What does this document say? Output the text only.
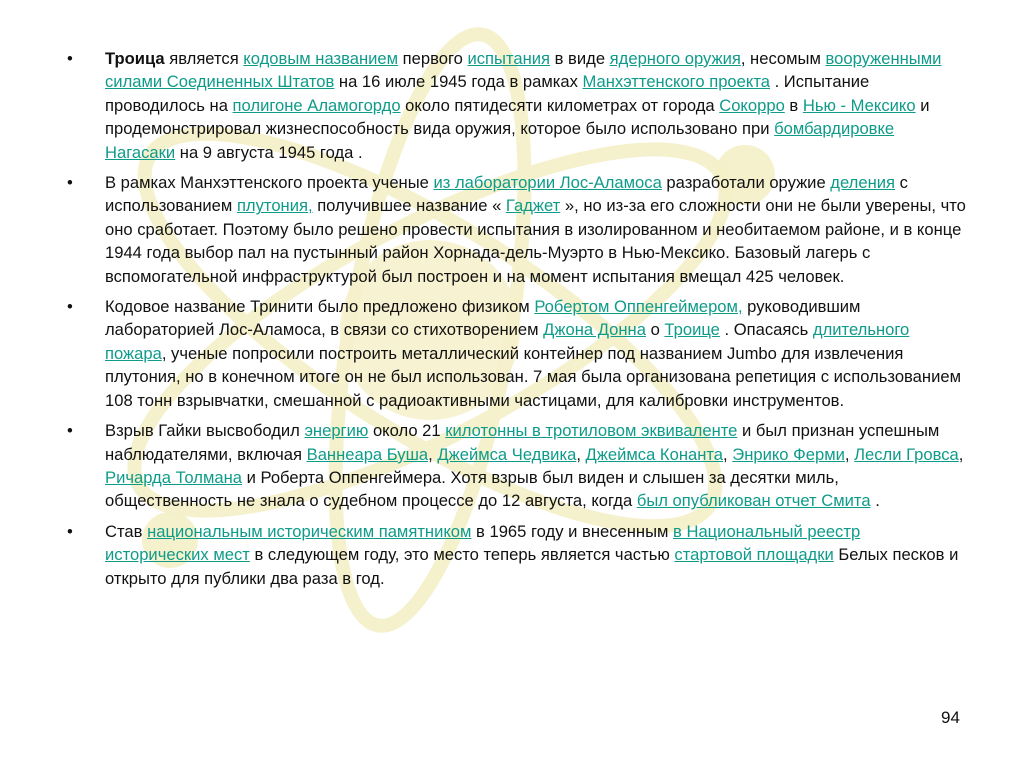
• Троица является кодовым названием первого испытания в виде ядерного оружия, несомым вооруженными силами Соединенных Штатов на 16 июле 1945 года в рамках Манхэттенского проекта . Испытание проводилось на полигоне Аламогордо около пятидесяти километрах от города Сокорро в Нью - Мексико и продемонстрировал жизнеспособность вида оружия, которое было использовано при бомбардировке Нагасаки на 9 августа 1945 года .
• В рамках Манхэттенского проекта ученые из лаборатории Лос-Аламоса разработали оружие деления с использованием плутония, получившее название « Гаджет », но из-за его сложности они не были уверены, что оно сработает. Поэтому было решено провести испытания в изолированном и необитаемом районе, и в конце 1944 года выбор пал на пустынный район Хорнада-дель-Муэрто в Нью-Мексико. Базовый лагерь с вспомогательной инфраструктурой был построен и на момент испытания вмещал 425 человек.
• Кодовое название Тринити было предложено физиком Робертом Оппенгеймером, руководившим лабораторией Лос-Аламоса, в связи со стихотворением Джона Донна о Троице . Опасаясь длительного пожара, ученые попросили построить металлический контейнер под названием Jumbo для извлечения плутония, но в конечном итоге он не был использован. 7 мая была организована репетиция с использованием 108 тонн взрывчатки, смешанной с радиоактивными частицами, для калибровки инструментов.
• Взрыв Гайки высвободил энергию около 21 килотонны в тротиловом эквиваленте и был признан успешным наблюдателями, включая Ваннеара Буша, Джеймса Чедвика, Джеймса Конанта, Энрико Ферми, Лесли Гровса, Ричарда Толмана и Роберта Оппенгеймера. Хотя взрыв был виден и слышен за десятки миль, общественность не знала о судебном процессе до 12 августа, когда был опубликован отчет Смита .
• Став национальным историческим памятником в 1965 году и внесенным в Национальный реестр исторических мест в следующем году, это место теперь является частью стартовой площадки Белых песков и открыто для публики два раза в год.
94
